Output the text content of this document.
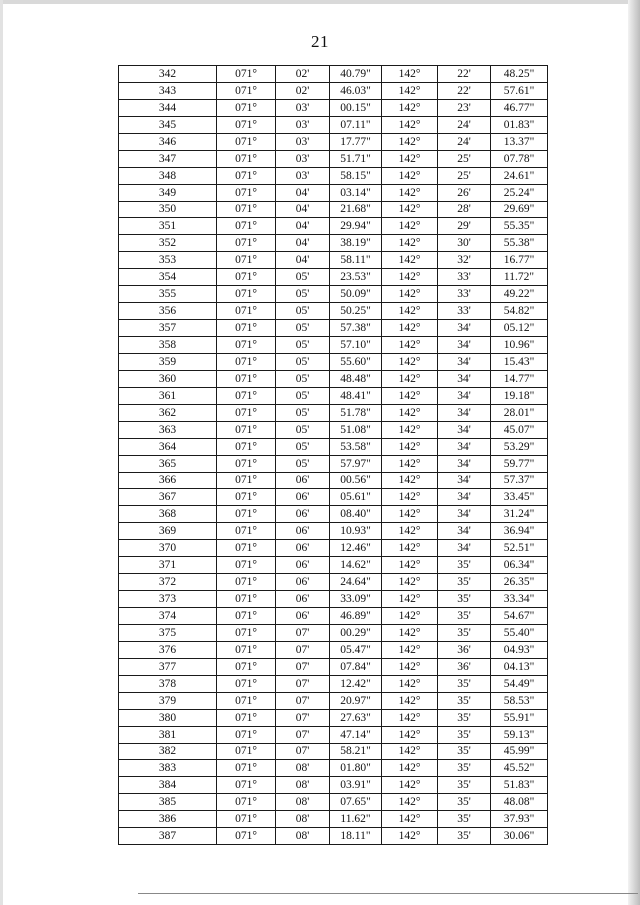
21
342	071°	02'	40.79"	142°	22'	48.25"
343	071°	02'	46.03"	142°	22'	57.61"
344	071°	03'	00.15"	142°	23'	46.77"
345	071°	03'	07.11"	142°	24'	01.83"
346	071°	03'	17.77"	142°	24'	13.37"
347	071°	03'	51.71"	142°	25'	07.78"
348	071°	03'	58.15"	142°	25'	24.61"
349	071°	04'	03.14"	142°	26'	25.24"
350	071°	04'	21.68"	142°	28'	29.69"
351	071°	04'	29.94"	142°	29'	55.35"
352	071°	04'	38.19"	142°	30'	55.38"
353	071°	04'	58.11"	142°	32'	16.77"
354	071°	05'	23.53"	142°	33'	11.72"
355	071°	05'	50.09"	142°	33'	49.22"
356	071°	05'	50.25"	142°	33'	54.82"
357	071°	05'	57.38"	142°	34'	05.12"
358	071°	05'	57.10"	142°	34'	10.96"
359	071°	05'	55.60"	142°	34'	15.43"
360	071°	05'	48.48"	142°	34'	14.77"
361	071°	05'	48.41"	142°	34'	19.18"
362	071°	05'	51.78"	142°	34'	28.01"
363	071°	05'	51.08"	142°	34'	45.07"
364	071°	05'	53.58"	142°	34'	53.29"
365	071°	05'	57.97"	142°	34'	59.77"
366	071°	06'	00.56"	142°	34'	57.37"
367	071°	06'	05.61"	142°	34'	33.45"
368	071°	06'	08.40"	142°	34'	31.24"
369	071°	06'	10.93"	142°	34'	36.94"
370	071°	06'	12.46"	142°	34'	52.51"
371	071°	06'	14.62"	142°	35'	06.34"
372	071°	06'	24.64"	142°	35'	26.35"
373	071°	06'	33.09"	142°	35'	33.34"
374	071°	06'	46.89"	142°	35'	54.67"
375	071°	07'	00.29"	142°	35'	55.40"
376	071°	07'	05.47"	142°	36'	04.93"
377	071°	07'	07.84"	142°	36'	04.13"
378	071°	07'	12.42"	142°	35'	54.49"
379	071°	07'	20.97"	142°	35'	58.53"
380	071°	07'	27.63"	142°	35'	55.91"
381	071°	07'	47.14"	142°	35'	59.13"
382	071°	07'	58.21"	142°	35'	45.99"
383	071°	08'	01.80"	142°	35'	45.52"
384	071°	08'	03.91"	142°	35'	51.83"
385	071°	08'	07.65"	142°	35'	48.08"
386	071°	08'	11.62"	142°	35'	37.93"
387	071°	08'	18.11"	142°	35'	30.06"
